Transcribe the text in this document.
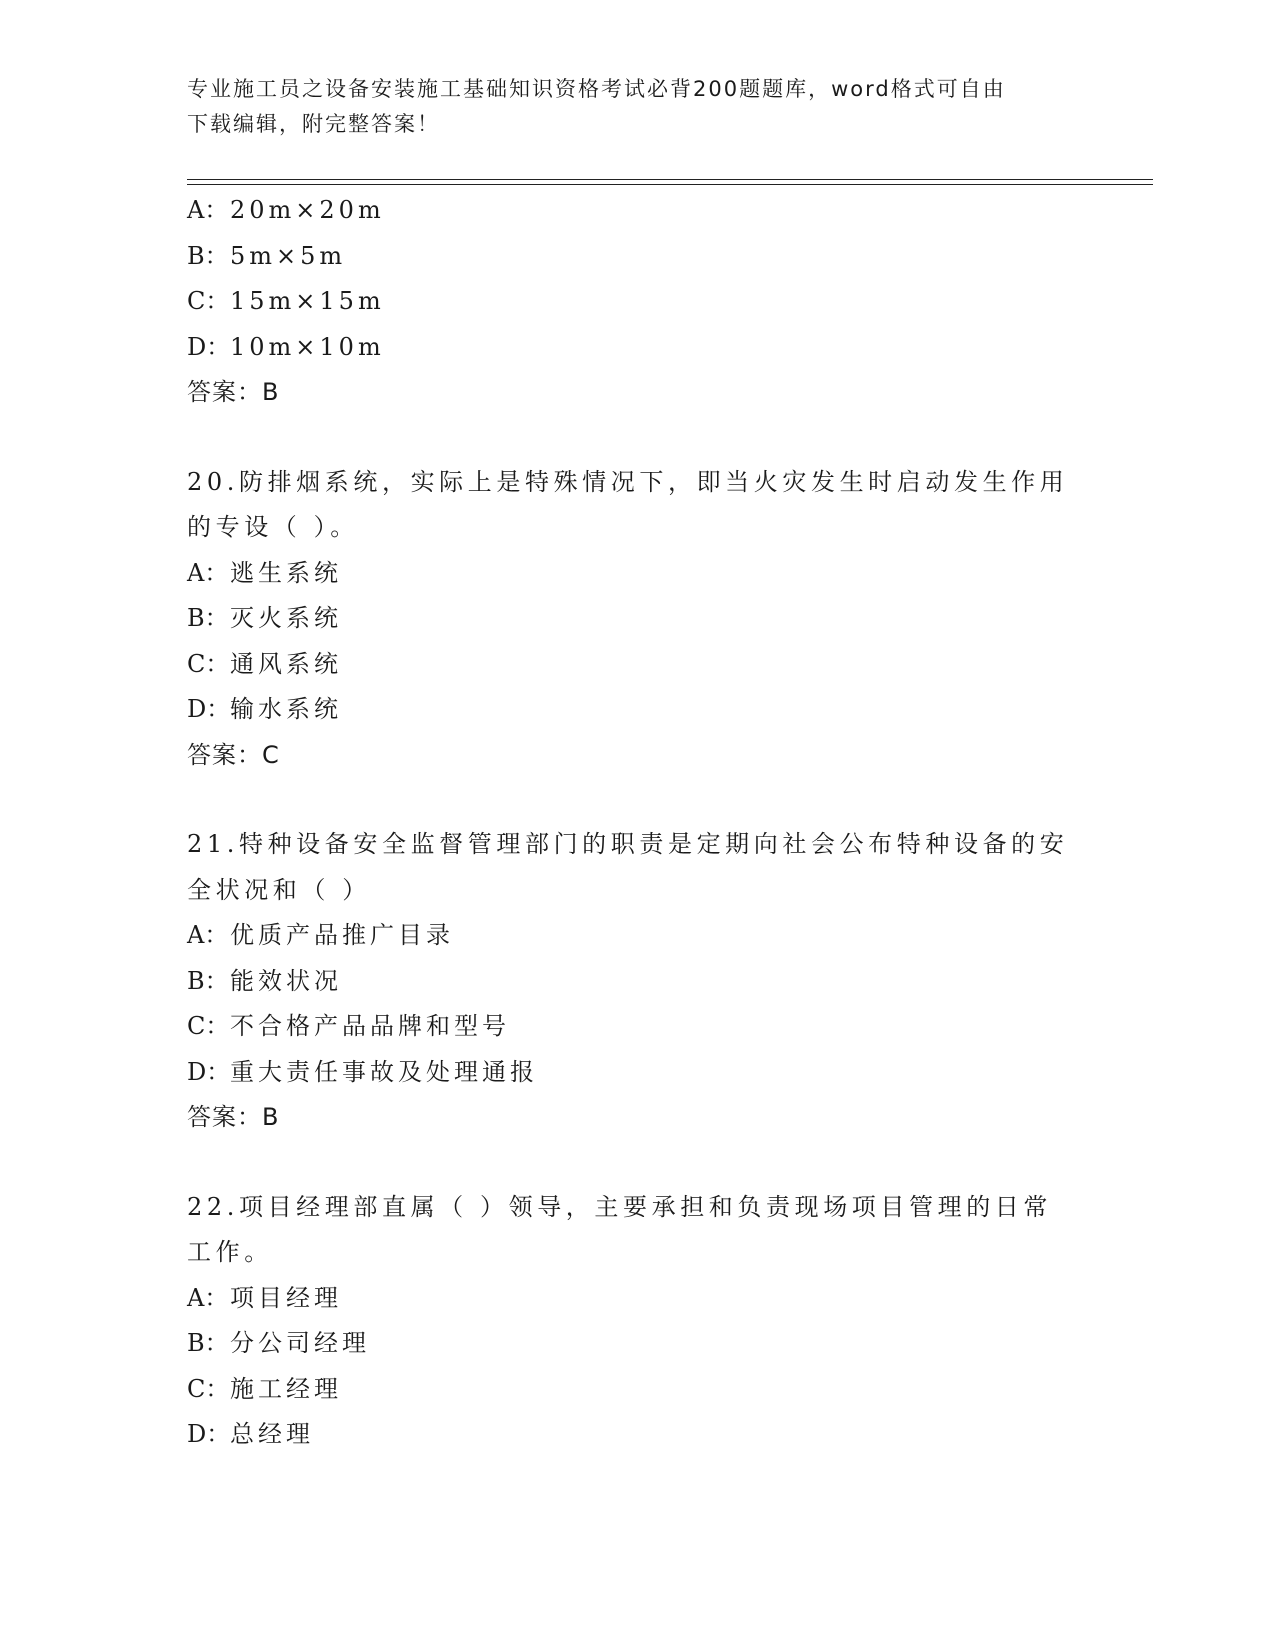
专业施工员之设备安装施工基础知识资格考试必背200题题库，word格式可自由
下载编辑，附完整答案！
A：20m×20m
B：5m×5m
C：15m×15m
D：10m×10m
答案：B
20.防排烟系统，实际上是特殊情况下，即当火灾发生时启动发生作用
的专设（ ）。
A：逃生系统
B：灭火系统
C：通风系统
D：输水系统
答案：C
21.特种设备安全监督管理部门的职责是定期向社会公布特种设备的安
全状况和（ ）
A：优质产品推广目录
B：能效状况
C：不合格产品品牌和型号
D：重大责任事故及处理通报
答案：B
22.项目经理部直属（ ）领导，主要承担和负责现场项目管理的日常
工作。
A：项目经理
B：分公司经理
C：施工经理
D：总经理
